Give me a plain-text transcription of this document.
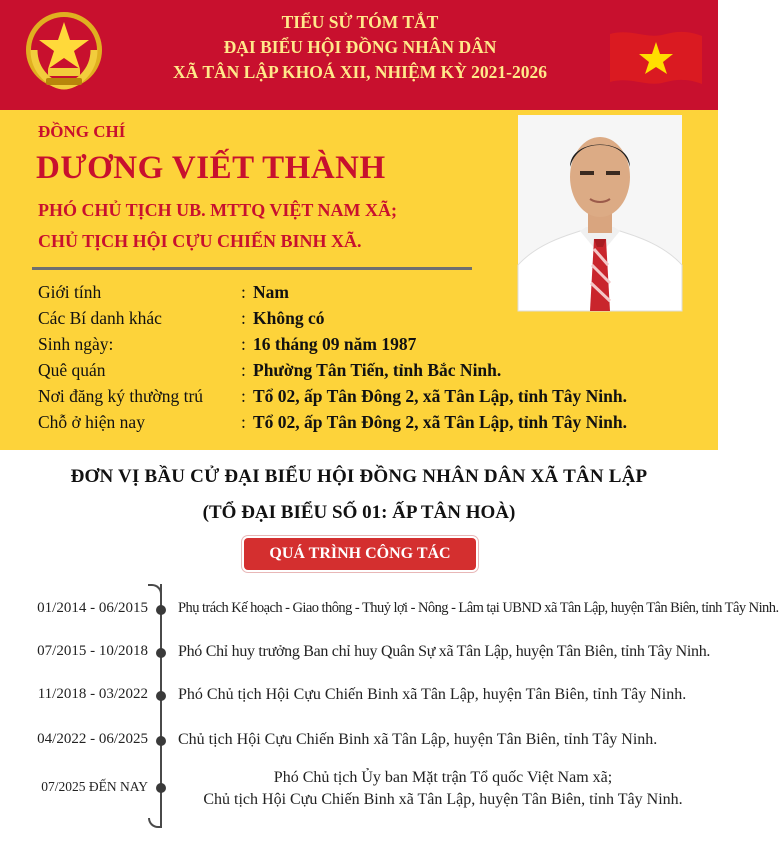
TIỂU SỬ TÓM TẮT
ĐẠI BIỂU HỘI ĐỒNG NHÂN DÂN
XÃ TÂN LẬP KHOÁ XII, NHIỆM KỲ 2021-2026
ĐỒNG CHÍ
DƯƠNG VIẾT THÀNH
PHÓ CHỦ TỊCH UB. MTTQ VIỆT NAM XÃ;
CHỦ TỊCH HỘI CỰU CHIẾN BINH XÃ.
Giới tính	: Nam
Các Bí danh khác	: Không có
Sinh ngày:	: 16 tháng 09 năm 1987
Quê quán	: Phường Tân Tiến, tỉnh Bắc Ninh.
Nơi đăng ký thường trú : Tổ 02, ấp Tân Đông 2, xã Tân Lập, tỉnh Tây Ninh.
Chỗ ở hiện nay	: Tổ 02, ấp Tân Đông 2, xã Tân Lập, tỉnh Tây Ninh.
ĐƠN VỊ BẦU CỬ ĐẠI BIỂU HỘI ĐỒNG NHÂN DÂN XÃ TÂN LẬP
(TỔ ĐẠI BIỂU SỐ 01: ẤP TÂN HOÀ)
QUÁ TRÌNH CÔNG TÁC
01/2014 - 06/2015 Phụ trách Kế hoạch - Giao thông - Thuỷ lợi - Nông - Lâm tại UBND xã Tân Lập, huyện Tân Biên, tỉnh Tây Ninh.
07/2015 - 10/2018 Phó Chỉ huy trưởng Ban chỉ huy Quân Sự xã Tân Lập, huyện Tân Biên, tỉnh Tây Ninh.
11/2018 - 03/2022 Phó Chủ tịch Hội Cựu Chiến Binh xã Tân Lập, huyện Tân Biên, tỉnh Tây Ninh.
04/2022 - 06/2025 Chủ tịch Hội Cựu Chiến Binh xã Tân Lập, huyện Tân Biên, tỉnh Tây Ninh.
07/2025 ĐẾN NAY
Phó Chủ tịch Ủy ban Mặt trận Tổ quốc Việt Nam xã;
Chủ tịch Hội Cựu Chiến Binh xã Tân Lập, huyện Tân Biên, tỉnh Tây Ninh.
